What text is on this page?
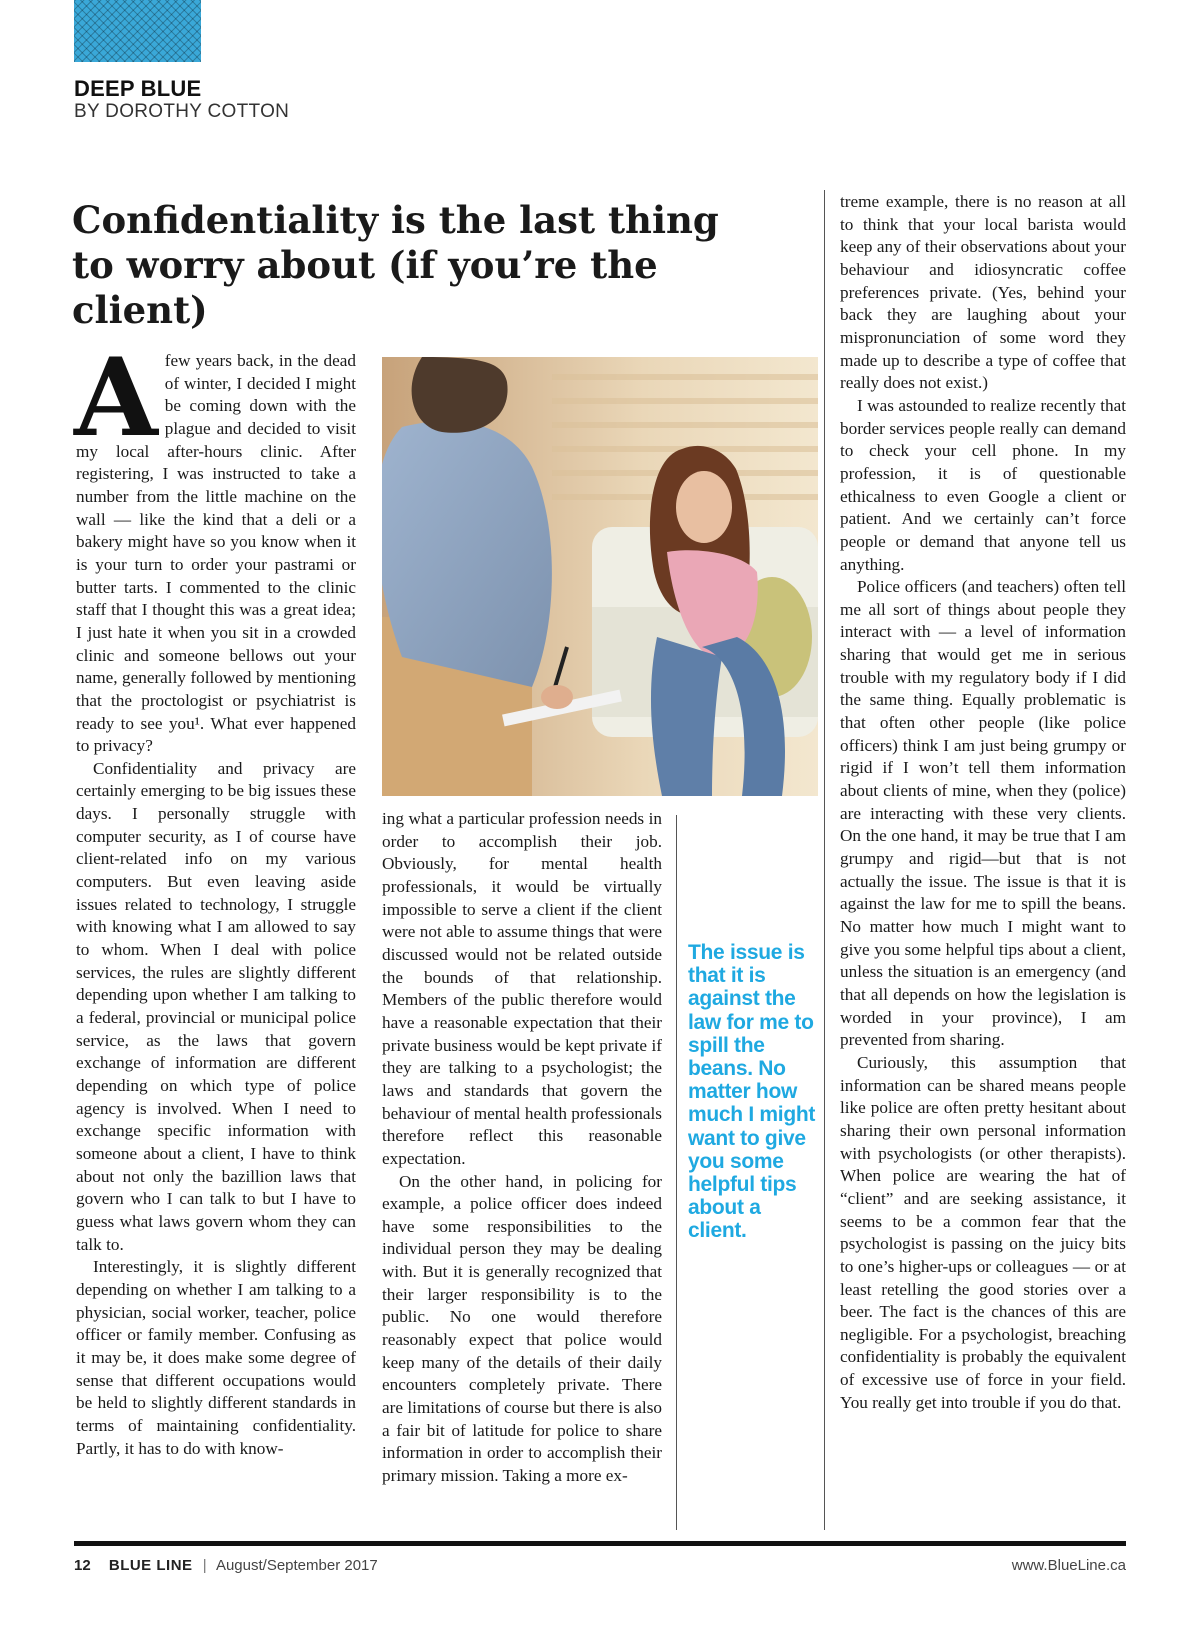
DEEP BLUE
BY DOROTHY COTTON
Confidentiality is the last thing to worry about (if you’re the client)
A few years back, in the dead of winter, I decided I might be coming down with the plague and decided to visit my local after-hours clinic. After registering, I was instructed to take a number from the little machine on the wall — like the kind that a deli or a bakery might have so you know when it is your turn to order your pastrami or butter tarts. I commented to the clinic staff that I thought this was a great idea; I just hate it when you sit in a crowded clinic and someone bellows out your name, generally followed by mentioning that the proctologist or psychiatrist is ready to see you¹. What ever happened to privacy?

Confidentiality and privacy are certainly emerging to be big issues these days. I personally struggle with computer security, as I of course have client-related info on my various computers. But even leaving aside issues related to technology, I struggle with knowing what I am allowed to say to whom. When I deal with police services, the rules are slightly different depending upon whether I am talking to a federal, provincial or municipal police service, as the laws that govern exchange of information are different depending on which type of police agency is involved. When I need to exchange specific information with someone about a client, I have to think about not only the bazillion laws that govern who I can talk to but I have to guess what laws govern whom they can talk to.

Interestingly, it is slightly different depending on whether I am talking to a physician, social worker, teacher, police officer or family member. Confusing as it may be, it does make some degree of sense that different occupations would be held to slightly different standards in terms of maintaining confidentiality. Partly, it has to do with know-

ing what a particular profession needs in order to accomplish their job. Obviously, for mental health professionals, it would be virtually impossible to serve a client if the client were not able to assume things that were discussed would not be related outside the bounds of that relationship. Members of the public therefore would have a reasonable expectation that their private business would be kept private if they are talking to a psychologist; the laws and standards that govern the behaviour of mental health professionals therefore reflect this reasonable expectation.

On the other hand, in policing for example, a police officer does indeed have some responsibilities to the individual person they may be dealing with. But it is generally recognized that their larger responsibility is to the public. No one would therefore reasonably expect that police would keep many of the details of their daily encounters completely private. There are limitations of course but there is also a fair bit of latitude for police to share information in order to accomplish their primary mission. Taking a more ex-

The issue is that it is against the law for me to spill the beans. No matter how much I might want to give you some helpful tips about a client.

treme example, there is no reason at all to think that your local barista would keep any of their observations about your behaviour and idiosyncratic coffee preferences private. (Yes, behind your back they are laughing about your mispronunciation of some word they made up to describe a type of coffee that really does not exist.)

I was astounded to realize recently that border services people really can demand to check your cell phone. In my profession, it is of questionable ethicalness to even Google a client or patient. And we certainly can’t force people or demand that anyone tell us anything.

Police officers (and teachers) often tell me all sort of things about people they interact with — a level of information sharing that would get me in serious trouble with my regulatory body if I did the same thing. Equally problematic is that often other people (like police officers) think I am just being grumpy or rigid if I won’t tell them information about clients of mine, when they (police) are interacting with these very clients. On the one hand, it may be true that I am grumpy and rigid—but that is not actually the issue. The issue is that it is against the law for me to spill the beans. No matter how much I might want to give you some helpful tips about a client, unless the situation is an emergency (and that all depends on how the legislation is worded in your province), I am prevented from sharing.

Curiously, this assumption that information can be shared means people like police are often pretty hesitant about sharing their own personal information with psychologists (or other therapists). When police are wearing the hat of “client” and are seeking assistance, it seems to be a common fear that the psychologist is passing on the juicy bits to one’s higher-ups or colleagues — or at least retelling the good stories over a beer. The fact is the chances of this are negligible. For a psychologist, breaching confidentiality is probably the equivalent of excessive use of force in your field. You really get into trouble if you do that.

12 BLUE LINE | August/September 2017	www.BlueLine.ca
